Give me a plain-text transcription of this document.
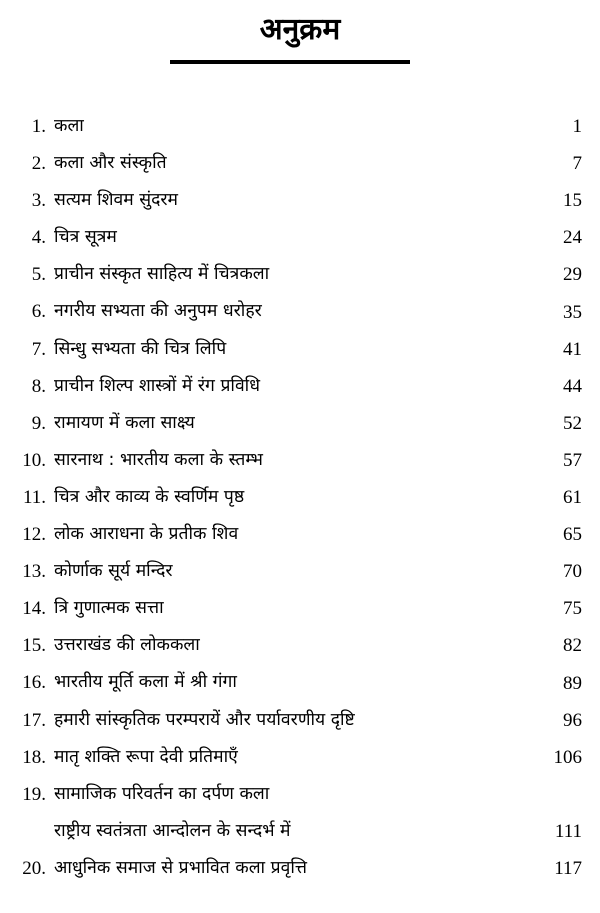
अनुक्रम
1. कला	1
2. कला और संस्कृति	7
3. सत्यम शिवम सुंदरम	15
4. चित्र सूत्रम	24
5. प्राचीन संस्कृत साहित्य में चित्रकला	29
6. नगरीय सभ्यता की अनुपम धरोहर	35
7. सिन्धु सभ्यता की चित्र लिपि	41
8. प्राचीन शिल्प शास्त्रों में रंग प्रविधि	44
9. रामायण में कला साक्ष्य	52
10. सारनाथ : भारतीय कला के स्तम्भ	57
11. चित्र और काव्य के स्वर्णिम पृष्ठ	61
12. लोक आराधना के प्रतीक शिव	65
13. कोर्णाक सूर्य मन्दिर	70
14. त्रि गुणात्मक सत्ता	75
15. उत्तराखंड की लोककला	82
16. भारतीय मूर्ति कला में श्री गंगा	89
17. हमारी सांस्कृतिक परम्परायें और पर्यावरणीय दृष्टि	96
18. मातृ शक्ति रूपा देवी प्रतिमाएँ	106
19. सामाजिक परिवर्तन का दर्पण कला
राष्ट्रीय स्वतंत्रता आन्दोलन के सन्दर्भ में	111
20. आधुनिक समाज से प्रभावित कला प्रवृत्ति	117
